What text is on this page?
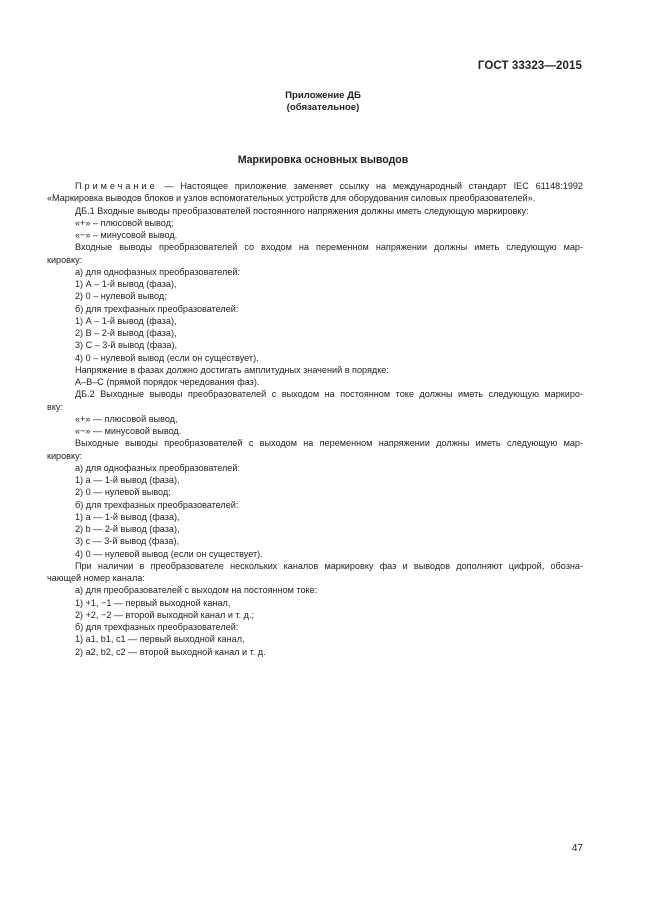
ГОСТ 33323—2015
Приложение ДБ
(обязательное)
Маркировка основных выводов

Примечание — Настоящее приложение заменяет ссылку на международный стандарт IEC 61148:1992

«Маркировка выводов блоков и узлов вспомогательных устройств для оборудования силовых преобразователей».

ДБ.1 Входные выводы преобразователей постоянного напряжения должны иметь следующую маркировку:

«+» – плюсовой вывод;

«−» – минусовой вывод.

Входные выводы преобразователей со входом на переменном напряжении должны иметь следующую мар-

кировку:

а) для однофазных преобразователей:

1) А – 1-й вывод (фаза),

2) 0 – нулевой вывод;

б) для трехфазных преобразователей:

1) А – 1-й вывод (фаза),

2) В – 2-й вывод (фаза),

3) С – 3-й вывод (фаза),

4) 0 – нулевой вывод (если он существует).

Напряжение в фазах должно достигать амплитудных значений в порядке:

А–В–С (прямой порядок чередования фаз).

ДБ.2 Выходные выводы преобразователей с выходом на постоянном токе должны иметь следующую маркиро-

вку:

«+» — плюсовой вывод,

«−» — минусовой вывод.

Выходные выводы преобразователей с выходом на переменном напряжении должны иметь следующую мар-

кировку:

а) для однофазных преобразователей:

1) а — 1-й вывод (фаза),

2) 0 — нулевой вывод;

б) для трехфазных преобразователей:

1) а — 1-й вывод (фаза),

2) b — 2-й вывод (фаза),

3) с — 3-й вывод (фаза),

4) 0 — нулевой вывод (если он существует).

При наличии в преобразователе нескольких каналов маркировку фаз и выводов дополняют цифрой, обозна-

чающей номер канала:

а) для преобразователей с выходом на постоянном токе:

1) +1, −1 — первый выходной канал,

2) +2, −2 — второй выходной канал и т. д.;

б) для трехфазных преобразователей:

1) a1, b1, c1 — первый выходной канал,

2) a2, b2, c2 — второй выходной канал и т. д.

47
